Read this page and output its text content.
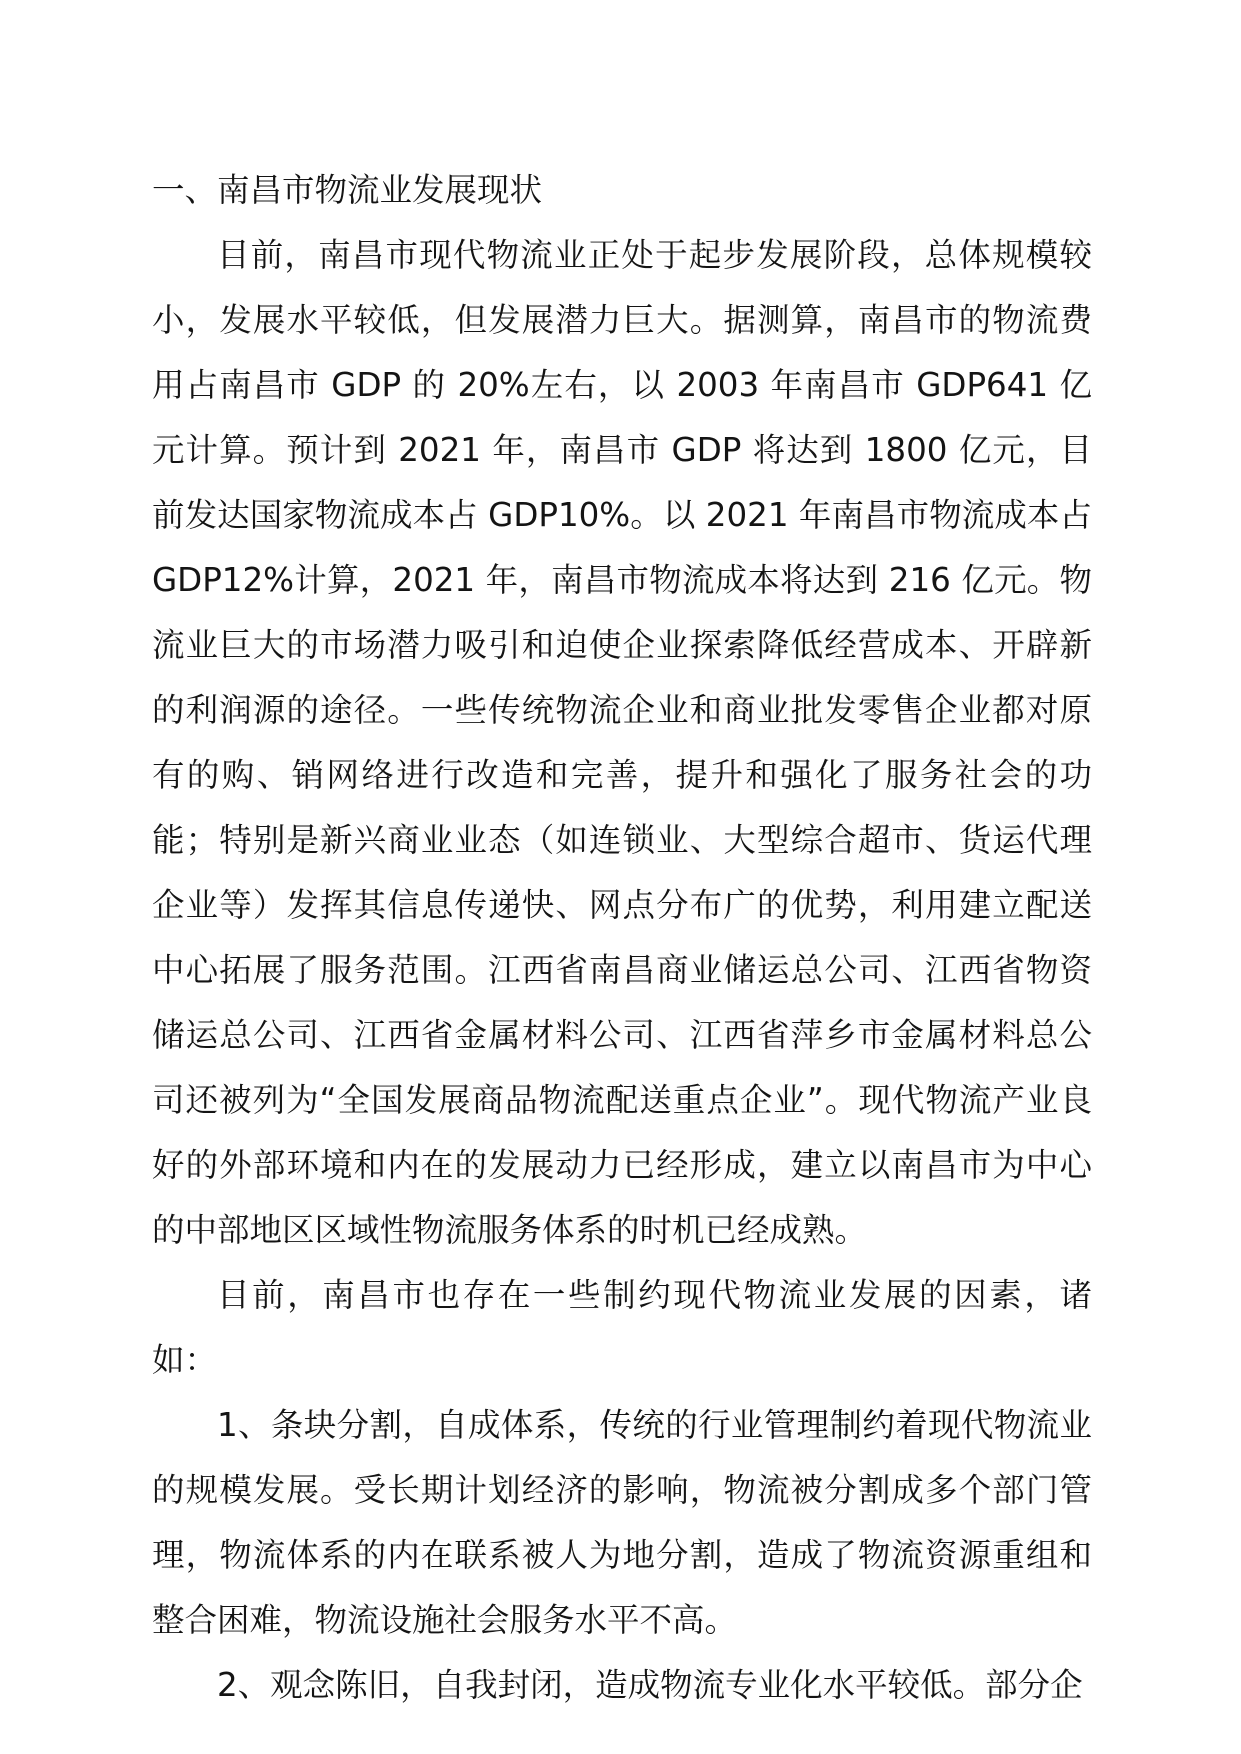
一、南昌市物流业发展现状

目前，南昌市现代物流业正处于起步发展阶段，总体规模较小，发展水平较低，但发展潜力巨大。据测算，南昌市的物流费用占南昌市 GDP 的 20%左右，以 2003 年南昌市 GDP641 亿元计算。预计到 2021 年，南昌市 GDP 将达到 1800 亿元，目前发达国家物流成本占 GDP10%。以 2021 年南昌市物流成本占 GDP12%计算，2021 年，南昌市物流成本将达到 216 亿元。物流业巨大的市场潜力吸引和迫使企业探索降低经营成本、开辟新的利润源的途径。一些传统物流企业和商业批发零售企业都对原有的购、销网络进行改造和完善，提升和强化了服务社会的功能；特别是新兴商业业态（如连锁业、大型综合超市、货运代理企业等）发挥其信息传递快、网点分布广的优势，利用建立配送中心拓展了服务范围。江西省南昌商业储运总公司、江西省物资储运总公司、江西省金属材料公司、江西省萍乡市金属材料总公司还被列为“全国发展商品物流配送重点企业”。现代物流产业良好的外部环境和内在的发展动力已经形成，建立以南昌市为中心的中部地区区域性物流服务体系的时机已经成熟。

目前，南昌市也存在一些制约现代物流业发展的因素，诸如：

1、条块分割，自成体系，传统的行业管理制约着现代物流业的规模发展。受长期计划经济的影响，物流被分割成多个部门管理，物流体系的内在联系被人为地分割，造成了物流资源重组和整合困难，物流设施社会服务水平不高。

2、观念陈旧，自我封闭，造成物流专业化水平较低。部分企
